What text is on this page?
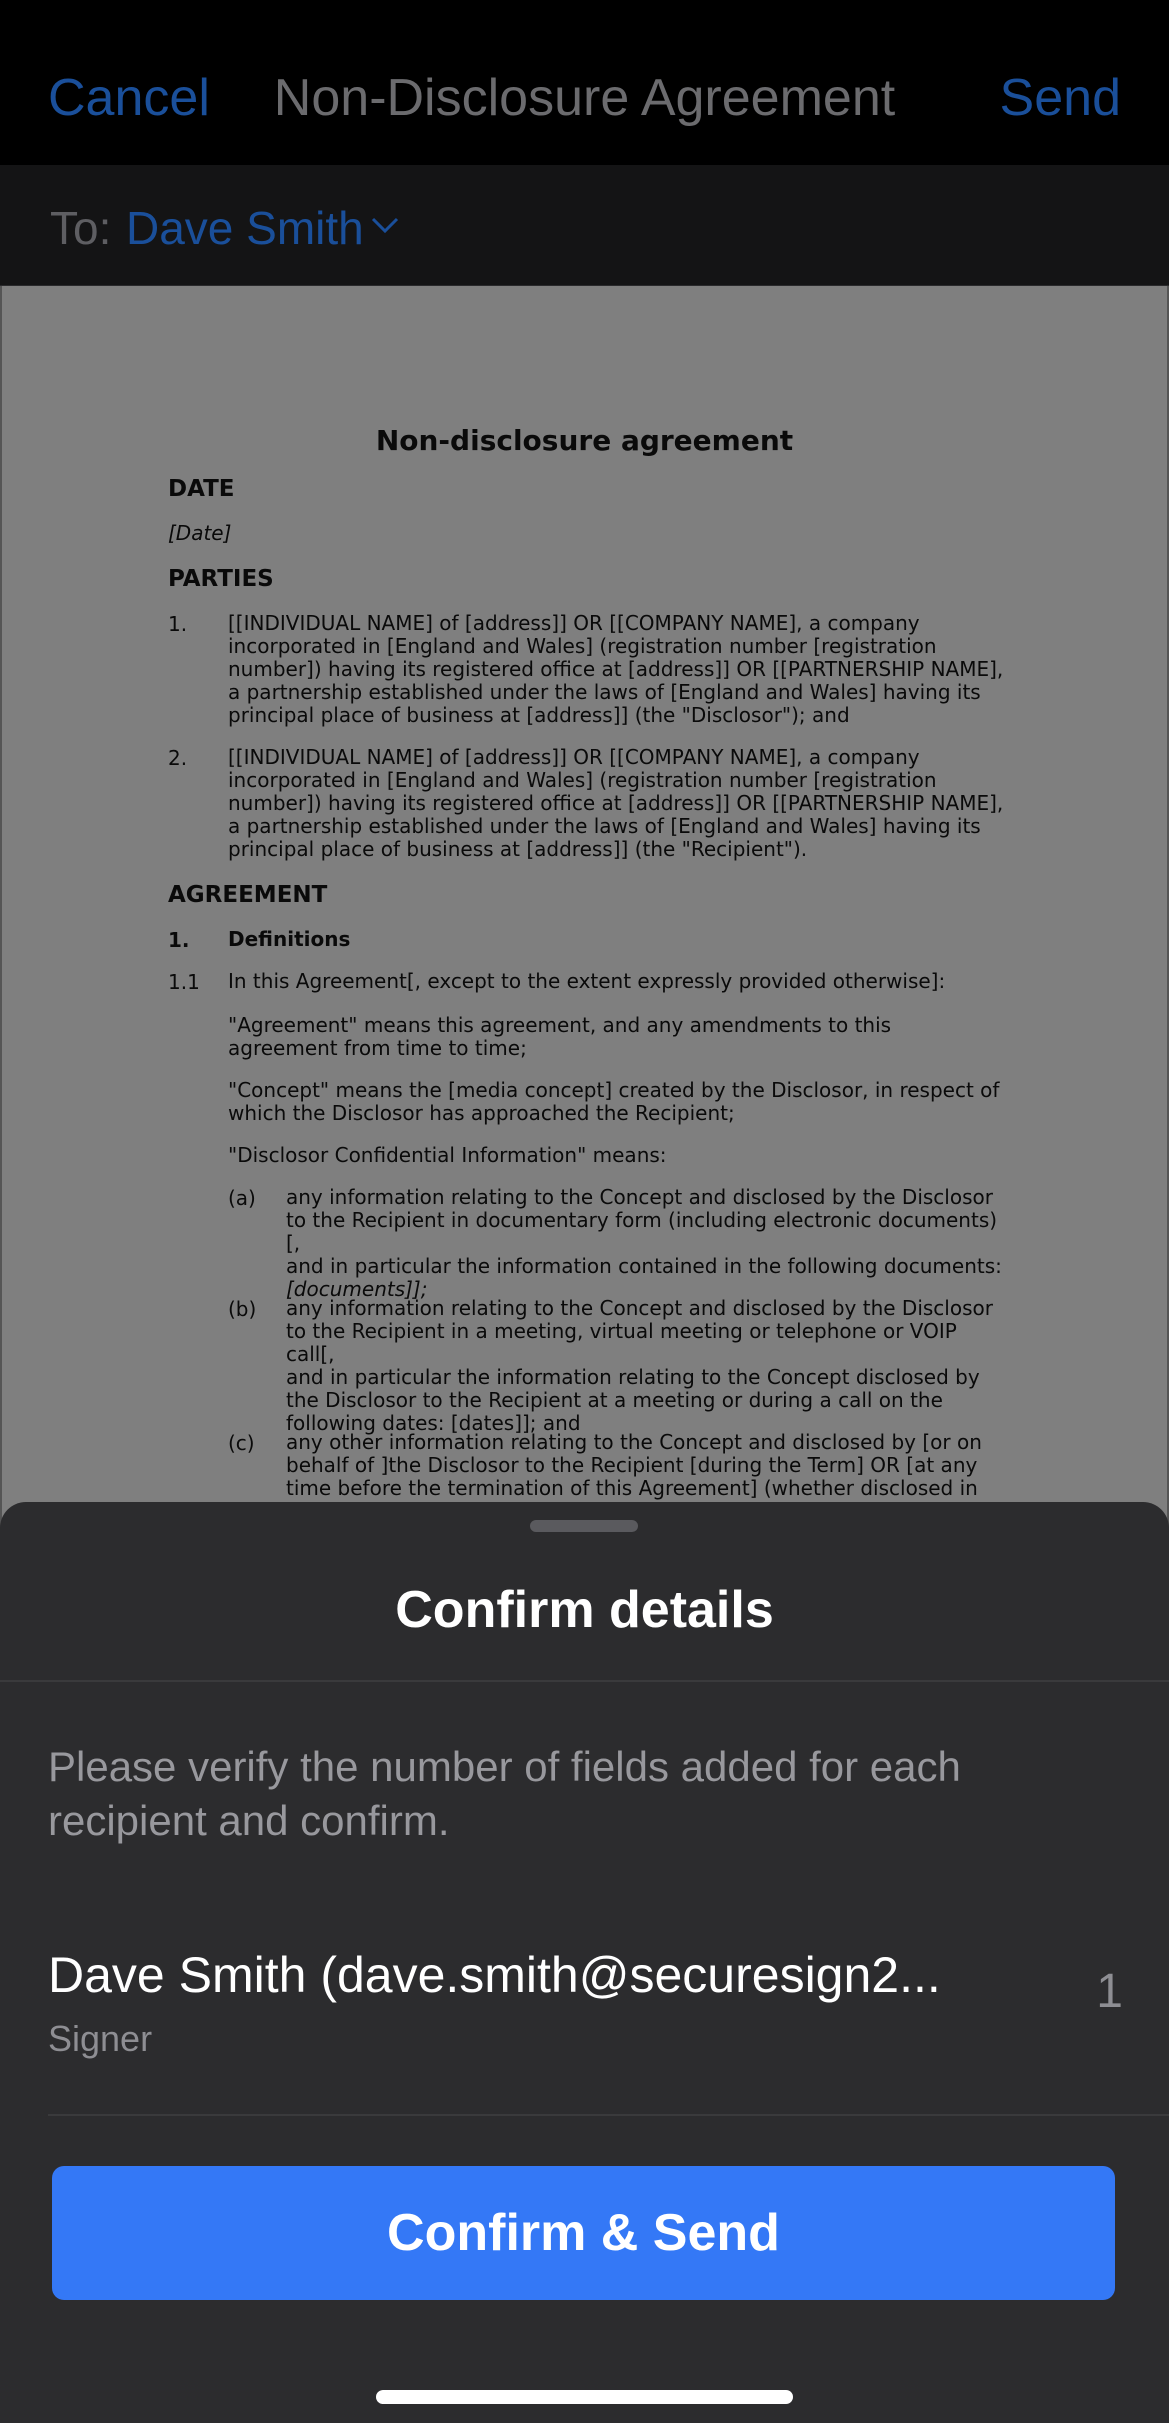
Cancel	Non-Disclosure Agreement	Send
To: Dave Smith
Non-disclosure agreement
DATE
[Date]
PARTIES
1. [[INDIVIDUAL NAME] of [address]] OR [[COMPANY NAME], a company
incorporated in [England and Wales] (registration number [registration
number]) having its registered office at [address]] OR [[PARTNERSHIP NAME],
a partnership established under the laws of [England and Wales] having its
principal place of business at [address]] (the "Disclosor"); and
2. [[INDIVIDUAL NAME] of [address]] OR [[COMPANY NAME], a company
incorporated in [England and Wales] (registration number [registration
number]) having its registered office at [address]] OR [[PARTNERSHIP NAME],
a partnership established under the laws of [England and Wales] having its
principal place of business at [address]] (the "Recipient").
AGREEMENT
1. Definitions
1.1 In this Agreement[, except to the extent expressly provided otherwise]:
"Agreement" means this agreement, and any amendments to this
agreement from time to time;
"Concept" means the [media concept] created by the Disclosor, in respect of
which the Disclosor has approached the Recipient;
"Disclosor Confidential Information" means:
(a) any information relating to the Concept and disclosed by the Disclosor
to the Recipient in documentary form (including electronic documents)[,
and in particular the information contained in the following documents:
[documents]];
(b) any information relating to the Concept and disclosed by the Disclosor
to the Recipient in a meeting, virtual meeting or telephone or VOIP call[,
and in particular the information relating to the Concept disclosed by
the Disclosor to the Recipient at a meeting or during a call on the
following dates: [dates]]; and
(c) any other information relating to the Concept and disclosed by [or on
behalf of ]the Disclosor to the Recipient [during the Term] OR [at any
time before the termination of this Agreement] (whether disclosed in
Confirm details
Please verify the number of fields added for each recipient and confirm.
Dave Smith (dave.smith@securesign2...
Signer
1
Confirm & Send
